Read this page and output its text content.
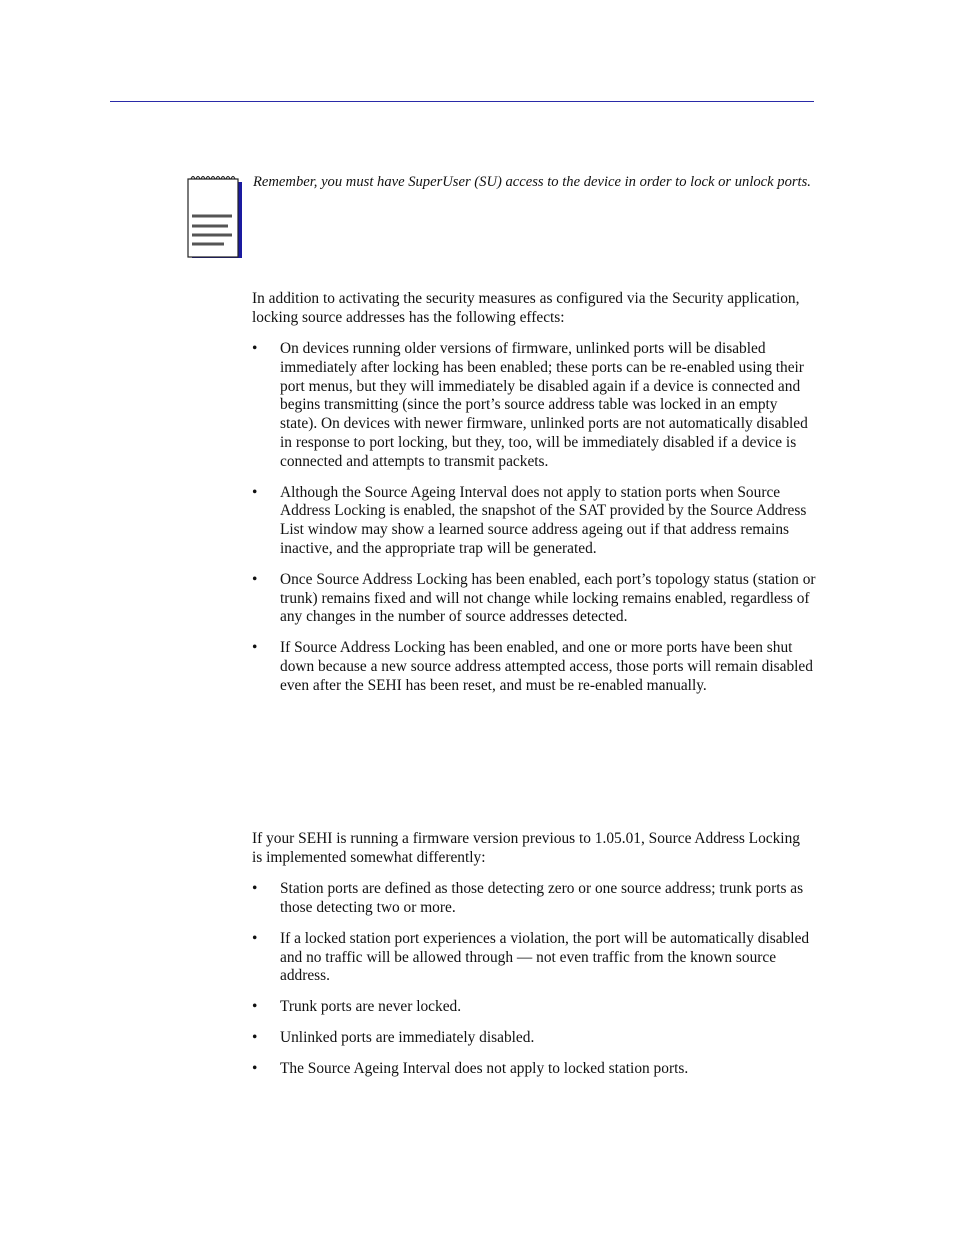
Remember, you must have SuperUser (SU) access to the device in order to lock or unlock ports.
In addition to activating the security measures as configured via the Security application, locking source addresses has the following effects:
• On devices running older versions of firmware, unlinked ports will be disabled immediately after locking has been enabled; these ports can be re-enabled using their port menus, but they will immediately be disabled again if a device is connected and begins transmitting (since the port’s source address table was locked in an empty state). On devices with newer firmware, unlinked ports are not automatically disabled in response to port locking, but they, too, will be immediately disabled if a device is connected and attempts to transmit packets.
• Although the Source Ageing Interval does not apply to station ports when Source Address Locking is enabled, the snapshot of the SAT provided by the Source Address List window may show a learned source address ageing out if that address remains inactive, and the appropriate trap will be generated.
• Once Source Address Locking has been enabled, each port’s topology status (station or trunk) remains fixed and will not change while locking remains enabled, regardless of any changes in the number of source addresses detected.
• If Source Address Locking has been enabled, and one or more ports have been shut down because a new source address attempted access, those ports will remain disabled even after the SEHI has been reset, and must be re-enabled manually.
If your SEHI is running a firmware version previous to 1.05.01, Source Address Locking is implemented somewhat differently:
• Station ports are defined as those detecting zero or one source address; trunk ports as those detecting two or more.
• If a locked station port experiences a violation, the port will be automatically disabled and no traffic will be allowed through — not even traffic from the known source address.
• Trunk ports are never locked.
• Unlinked ports are immediately disabled.
• The Source Ageing Interval does not apply to locked station ports.
